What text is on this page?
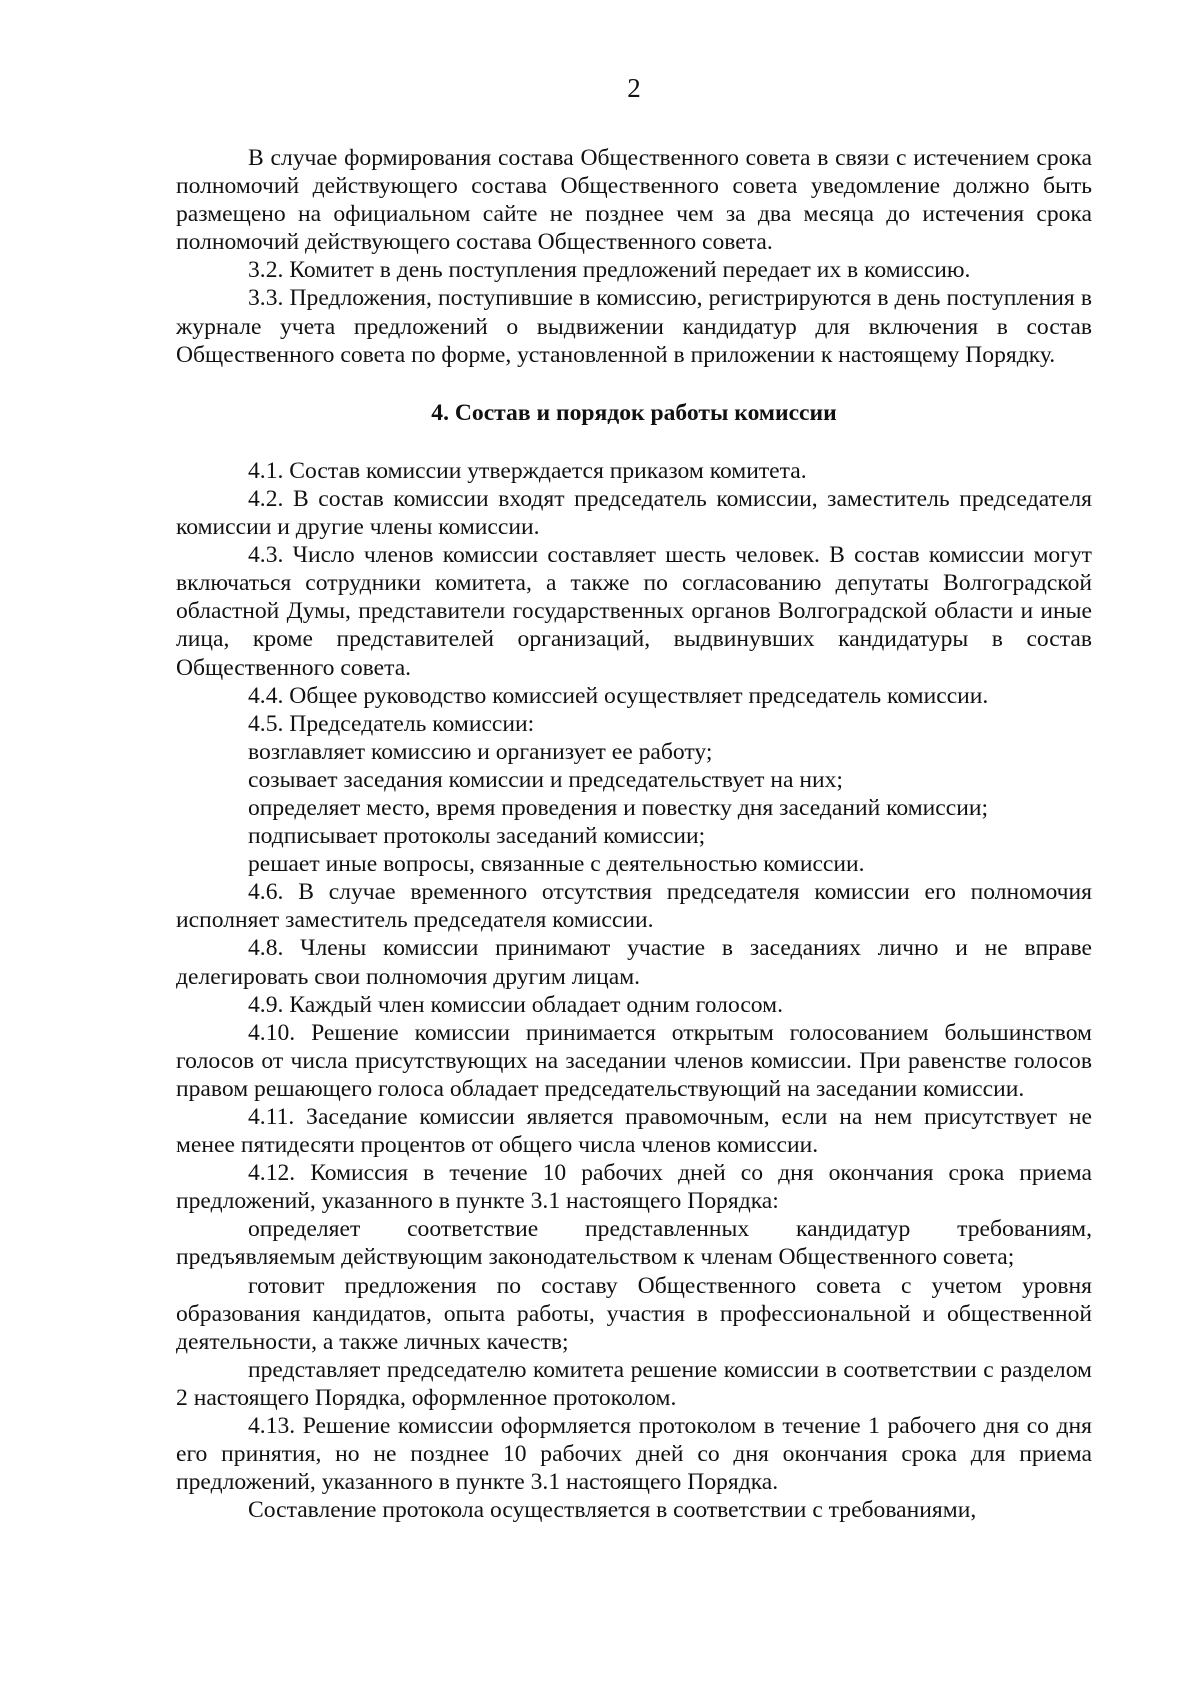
2

В случае формирования состава Общественного совета в связи с истечением срока полномочий действующего состава Общественного совета уведомление должно быть размещено на официальном сайте не позднее чем за два месяца до истечения срока полномочий действующего состава Общественного совета.

3.2. Комитет в день поступления предложений передает их в комиссию.

3.3. Предложения, поступившие в комиссию, регистрируются в день поступления в журнале учета предложений о выдвижении кандидатур для включения в состав Общественного совета по форме, установленной в приложении к настоящему Порядку.

4. Состав и порядок работы комиссии

4.1. Состав комиссии утверждается приказом комитета.

4.2. В состав комиссии входят председатель комиссии, заместитель председателя комиссии и другие члены комиссии.

4.3. Число членов комиссии составляет шесть человек. В состав комиссии могут включаться сотрудники комитета, а также по согласованию депутаты Волгоградской областной Думы, представители государственных органов Волгоградской области и иные лица, кроме представителей организаций, выдвинувших кандидатуры в состав Общественного совета.

4.4. Общее руководство комиссией осуществляет председатель комиссии.

4.5. Председатель комиссии:

возглавляет комиссию и организует ее работу;

созывает заседания комиссии и председательствует на них;

определяет место, время проведения и повестку дня заседаний комиссии;

подписывает протоколы заседаний комиссии;

решает иные вопросы, связанные с деятельностью комиссии.

4.6. В случае временного отсутствия председателя комиссии его полномочия исполняет заместитель председателя комиссии.

4.8. Члены комиссии принимают участие в заседаниях лично и не вправе делегировать свои полномочия другим лицам.

4.9. Каждый член комиссии обладает одним голосом.

4.10. Решение комиссии принимается открытым голосованием большинством голосов от числа присутствующих на заседании членов комиссии. При равенстве голосов правом решающего голоса обладает председательствующий на заседании комиссии.

4.11. Заседание комиссии является правомочным, если на нем присутствует не менее пятидесяти процентов от общего числа членов комиссии.

4.12. Комиссия в течение 10 рабочих дней со дня окончания срока приема предложений, указанного в пункте 3.1 настоящего Порядка:

определяет соответствие представленных кандидатур требованиям, предъявляемым действующим законодательством к членам Общественного совета;

готовит предложения по составу Общественного совета с учетом уровня образования кандидатов, опыта работы, участия в профессиональной и общественной деятельности, а также личных качеств;

представляет председателю комитета решение комиссии в соответствии с разделом 2 настоящего Порядка, оформленное протоколом.

4.13. Решение комиссии оформляется протоколом в течение 1 рабочего дня со дня его принятия, но не позднее 10 рабочих дней со дня окончания срока для приема предложений, указанного в пункте 3.1 настоящего Порядка.

Составление протокола осуществляется в соответствии с требованиями,
